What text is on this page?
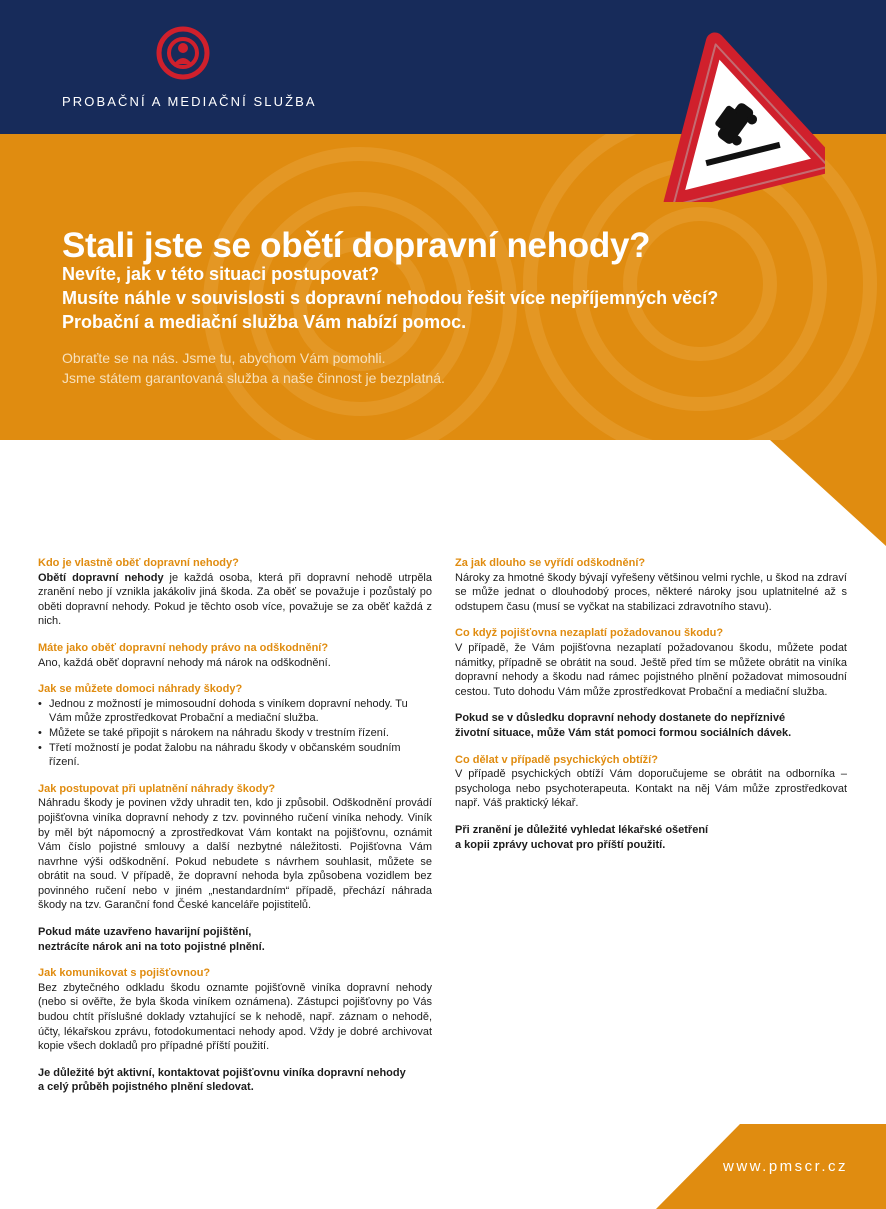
PROBAČNÍ A MEDIAČNÍ SLUŽBA
Stali jste se obětí dopravní nehody?

Nevíte, jak v této situaci postupovat?

Musíte náhle v souvislosti s dopravní nehodou řešit více nepříjemných věcí?

Probační a mediační služba Vám nabízí pomoc.

Obraťte se na nás. Jsme tu, abychom Vám pomohli.

Jsme státem garantovaná služba a naše činnost je bezplatná.

Kdo je vlastně oběť dopravní nehody?

Obětí dopravní nehody je každá osoba, která při dopravní nehodě utrpěla zranění nebo jí vznikla jakákoliv jiná škoda. Za oběť se považuje i pozůstalý po oběti dopravní nehody. Pokud je těchto osob více, považuje se za oběť každá z nich.

Máte jako oběť dopravní nehody právo na odškodnění?

Ano, každá oběť dopravní nehody má nárok na odškodnění.

Jak se můžete domoci náhrady škody?

• Jednou z možností je mimosoudní dohoda s viníkem dopravní nehody. Tu Vám může zprostředkovat Probační a mediační služba.
• Můžete se také připojit s nárokem na náhradu škody v trestním řízení.
• Třetí možností je podat žalobu na náhradu škody v občanském soudním řízení.

Jak postupovat při uplatnění náhrady škody?

Náhradu škody je povinen vždy uhradit ten, kdo ji způsobil. Odškodnění provádí pojišťovna viníka dopravní nehody z tzv. povinného ručení viníka nehody. Viník by měl být nápomocný a zprostředkovat Vám kontakt na pojišťovnu, oznámit Vám číslo pojistné smlouvy a další nezbytné náležitosti. Pojišťovna Vám navrhne výši odškodnění. Pokud nebudete s návrhem souhlasit, můžete se obrátit na soud. V případě, že dopravní nehoda byla způsobena vozidlem bez povinného ručení nebo v jiném „nestandardním“ případě, přechází náhrada škody na tzv. Garanční fond České kanceláře pojistitelů.

Pokud máte uzavřeno havarijní pojištění,
neztrácíte nárok ani na toto pojistné plnění.

Jak komunikovat s pojišťovnou?

Bez zbytečného odkladu škodu oznamte pojišťovně viníka dopravní nehody (nebo si ověřte, že byla škoda viníkem oznámena). Zástupci pojišťovny po Vás budou chtít příslušné doklady vztahující se k nehodě, např. záznam o nehodě, účty, lékařskou zprávu, fotodokumentaci nehody apod. Vždy je dobré archivovat kopie všech dokladů pro případné příští použití.

Je důležité být aktivní, kontaktovat pojišťovnu viníka dopravní nehody
a celý průběh pojistného plnění sledovat.

Za jak dlouho se vyřídí odškodnění?

Nároky za hmotné škody bývají vyřešeny většinou velmi rychle, u škod na zdraví se může jednat o dlouhodobý proces, některé nároky jsou uplatnitelné až s odstupem času (musí se vyčkat na stabilizaci zdravotního stavu).

Co když pojišťovna nezaplatí požadovanou škodu?

V případě, že Vám pojišťovna nezaplatí požadovanou škodu, můžete podat námitky, případně se obrátit na soud. Ještě před tím se můžete obrátit na viníka dopravní nehody a škodu nad rámec pojistného plnění požadovat mimosoudní cestou. Tuto dohodu Vám může zprostředkovat Probační a mediační služba.

Pokud se v důsledku dopravní nehody dostanete do nepříznivé
životní situace, může Vám stát pomoci formou sociálních dávek.

Co dělat v případě psychických obtíží?

V případě psychických obtíží Vám doporučujeme se obrátit na odborníka – psychologa nebo psychoterapeuta. Kontakt na něj Vám může zprostředkovat např. Váš praktický lékař.

Při zranění je důležité vyhledat lékařské ošetření
a kopii zprávy uchovat pro příští použití.

www.pmscr.cz
